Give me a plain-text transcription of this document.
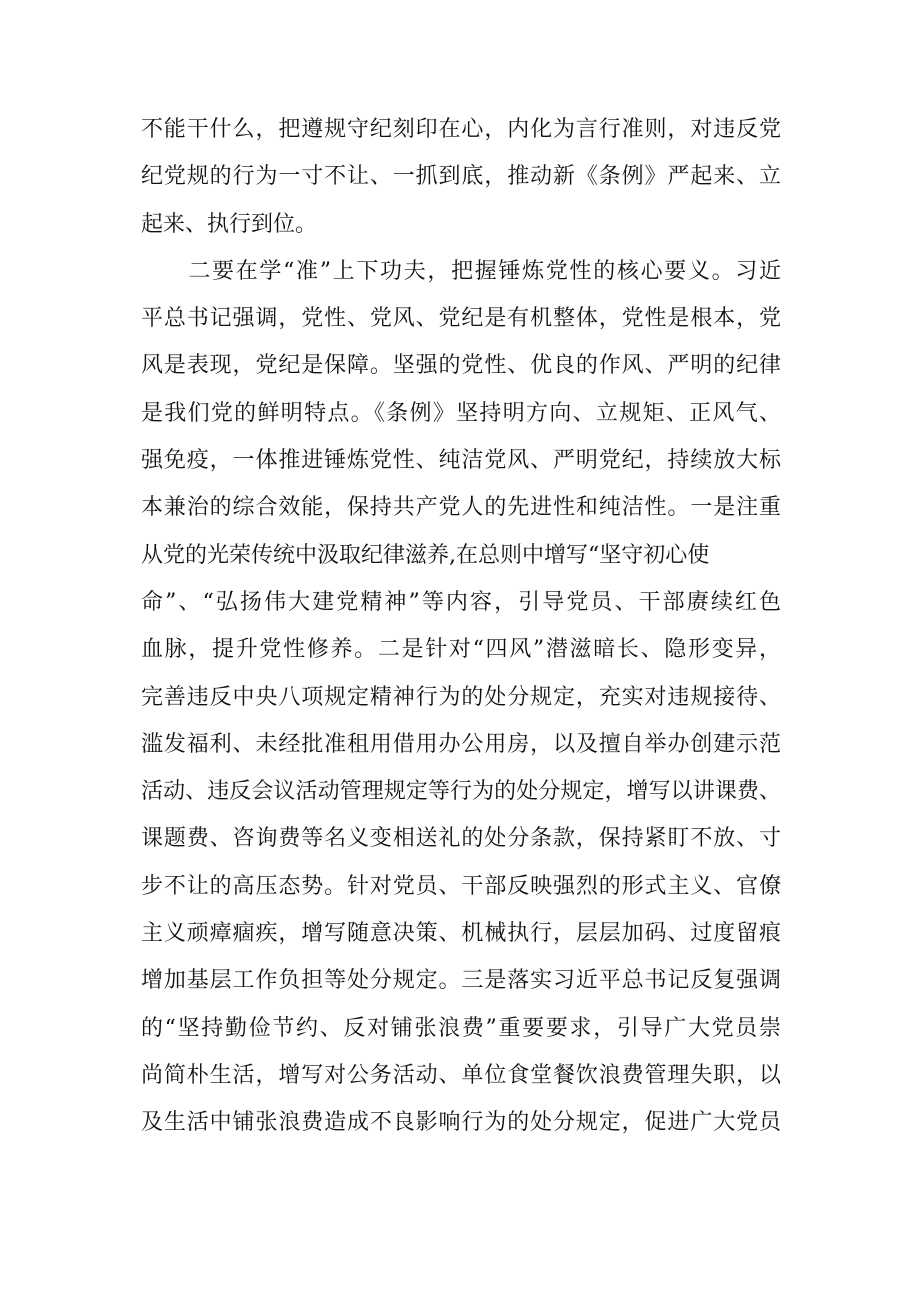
不能干什么，把遵规守纪刻印在心，内化为言行准则，对违反党
纪党规的行为一寸不让、一抓到底，推动新《条例》严起来、立
起来、执行到位。
　　二要在学“准”上下功夫，把握锤炼党性的核心要义。习近
平总书记强调，党性、党风、党纪是有机整体，党性是根本，党
风是表现，党纪是保障。坚强的党性、优良的作风、严明的纪律
是我们党的鲜明特点。《条例》坚持明方向、立规矩、正风气、
强免疫，一体推进锤炼党性、纯洁党风、严明党纪，持续放大标
本兼治的综合效能，保持共产党人的先进性和纯洁性。一是注重
从党的光荣传统中汲取纪律滋养,在总则中增写“坚守初心使
命”、“弘扬伟大建党精神”等内容，引导党员、干部赓续红色
血脉，提升党性修养。二是针对“四风”潜滋暗长、隐形变异，
完善违反中央八项规定精神行为的处分规定，充实对违规接待、
滥发福利、未经批准租用借用办公用房，以及擅自举办创建示范
活动、违反会议活动管理规定等行为的处分规定，增写以讲课费、
课题费、咨询费等名义变相送礼的处分条款，保持紧盯不放、寸
步不让的高压态势。针对党员、干部反映强烈的形式主义、官僚
主义顽瘴痼疾，增写随意决策、机械执行，层层加码、过度留痕
增加基层工作负担等处分规定。三是落实习近平总书记反复强调
的“坚持勤俭节约、反对铺张浪费”重要要求，引导广大党员崇
尚简朴生活，增写对公务活动、单位食堂餐饮浪费管理失职，以
及生活中铺张浪费造成不良影响行为的处分规定，促进广大党员
